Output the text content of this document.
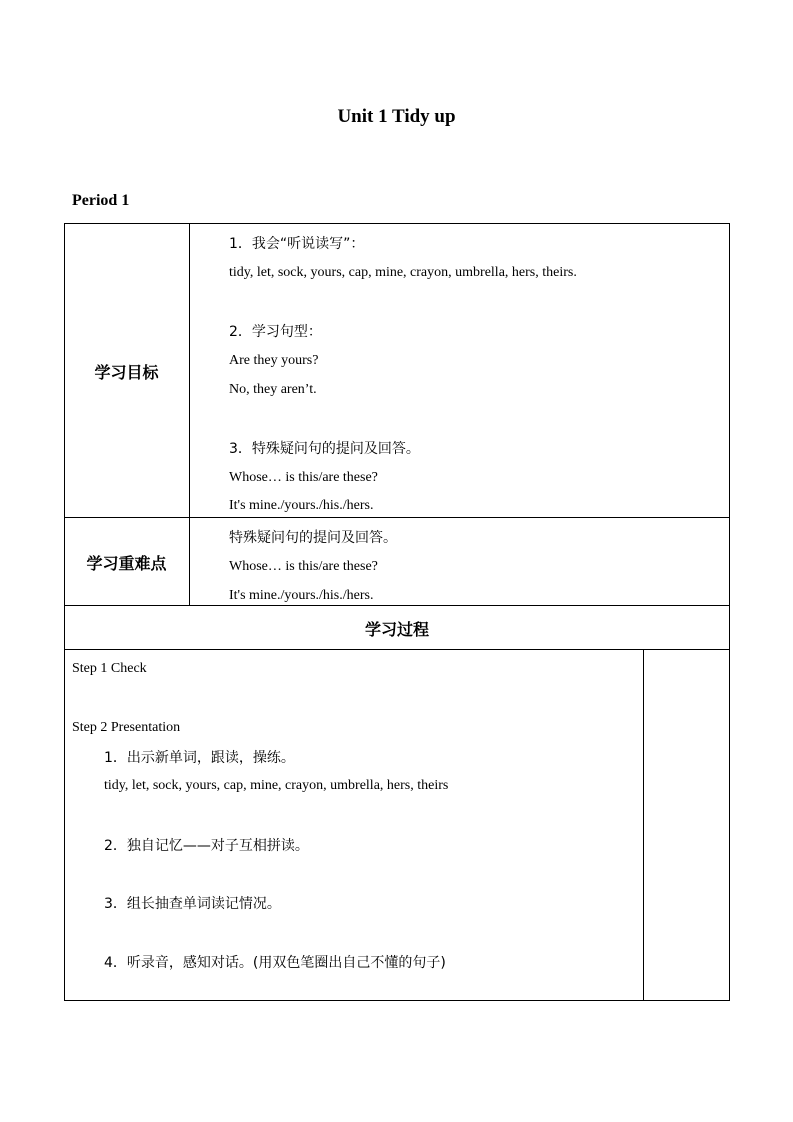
Unit 1 Tidy up
Period 1
学习目标
1．我会“听说读写”：
tidy, let, sock, yours, cap, mine, crayon, umbrella, hers, theirs.
2．学习句型：
Are they yours?
No, they aren’t.
3．特殊疑问句的提问及回答。
Whose… is this/are these?
It's mine./yours./his./hers.
学习重难点
特殊疑问句的提问及回答。
Whose… is this/are these?
It's mine./yours./his./hers.
学习过程
Step 1 Check
Step 2 Presentation
1．出示新单词，跟读，操练。
tidy, let, sock, yours, cap, mine, crayon, umbrella, hers, theirs
2．独自记忆——对子互相拼读。
3．组长抽查单词读记情况。
4．听录音，感知对话。(用双色笔圈出自己不懂的句子)
